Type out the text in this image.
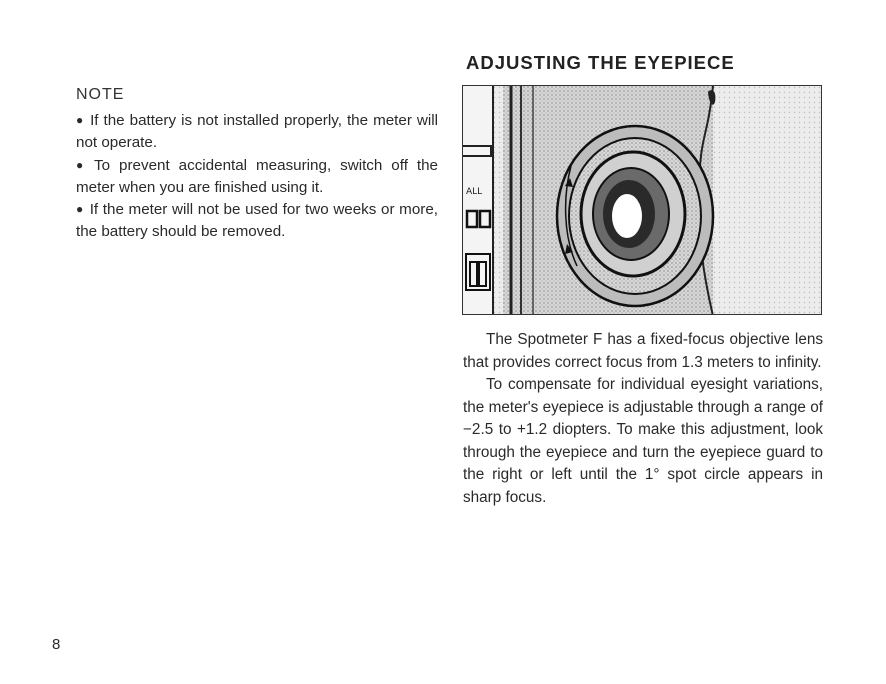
NOTE

● If the battery is not installed properly, the meter will not operate.

● To prevent accidental measuring, switch off the meter when you are finished using it.

● If the meter will not be used for two weeks or more, the battery should be removed.

ADJUSTING THE EYEPIECE
ALL

The Spotmeter F has a fixed-focus objective lens that provides correct focus from 1.3 meters to infinity.

To compensate for individual eyesight variations, the meter's eyepiece is adjustable through a range of −2.5 to +1.2 diopters. To make this adjustment, look through the eyepiece and turn the eyepiece guard to the right or left until the 1° spot circle appears in sharp focus.

8
